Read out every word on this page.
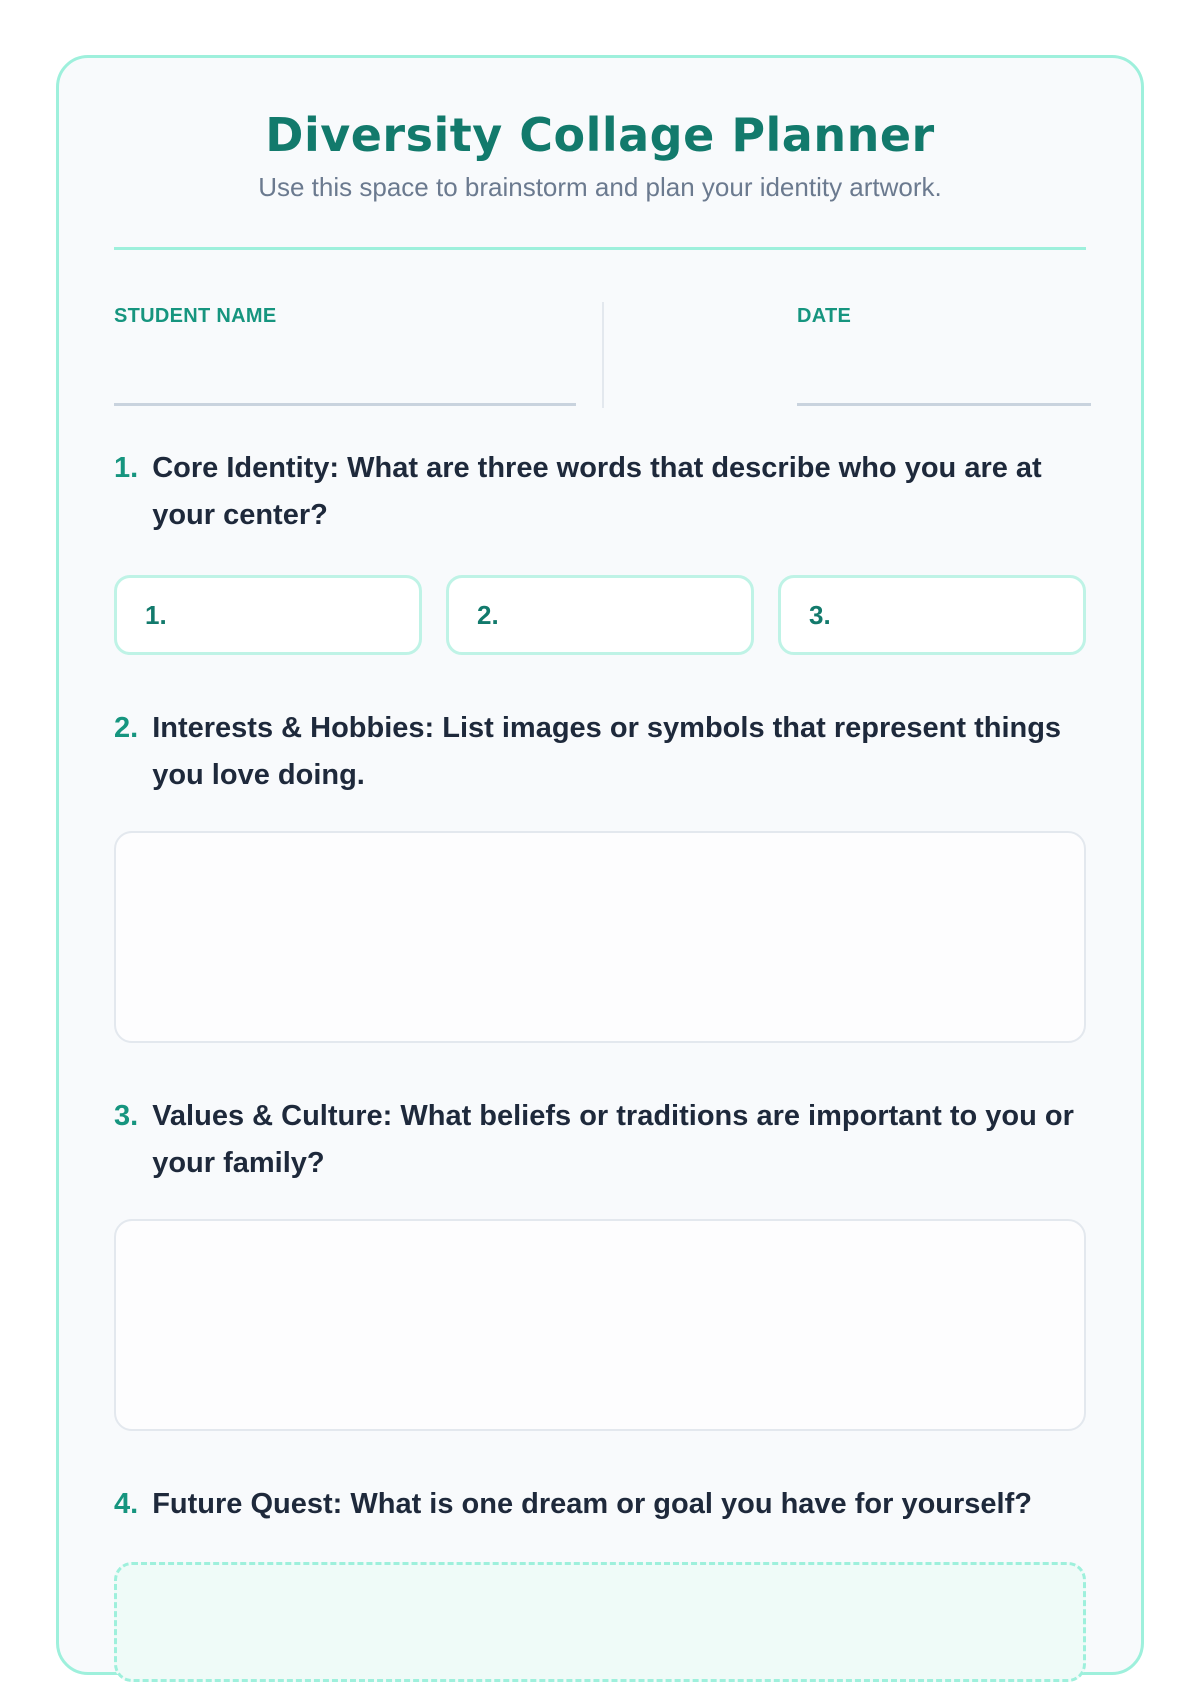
Diversity Collage Planner
Use this space to brainstorm and plan your identity artwork.
STUDENT NAME	DATE
1. Core Identity: What are three words that describe who you are at your center?
1.	2.	3.
2. Interests & Hobbies: List images or symbols that represent things you love doing.
3. Values & Culture: What beliefs or traditions are important to you or your family?
4. Future Quest: What is one dream or goal you have for yourself?
